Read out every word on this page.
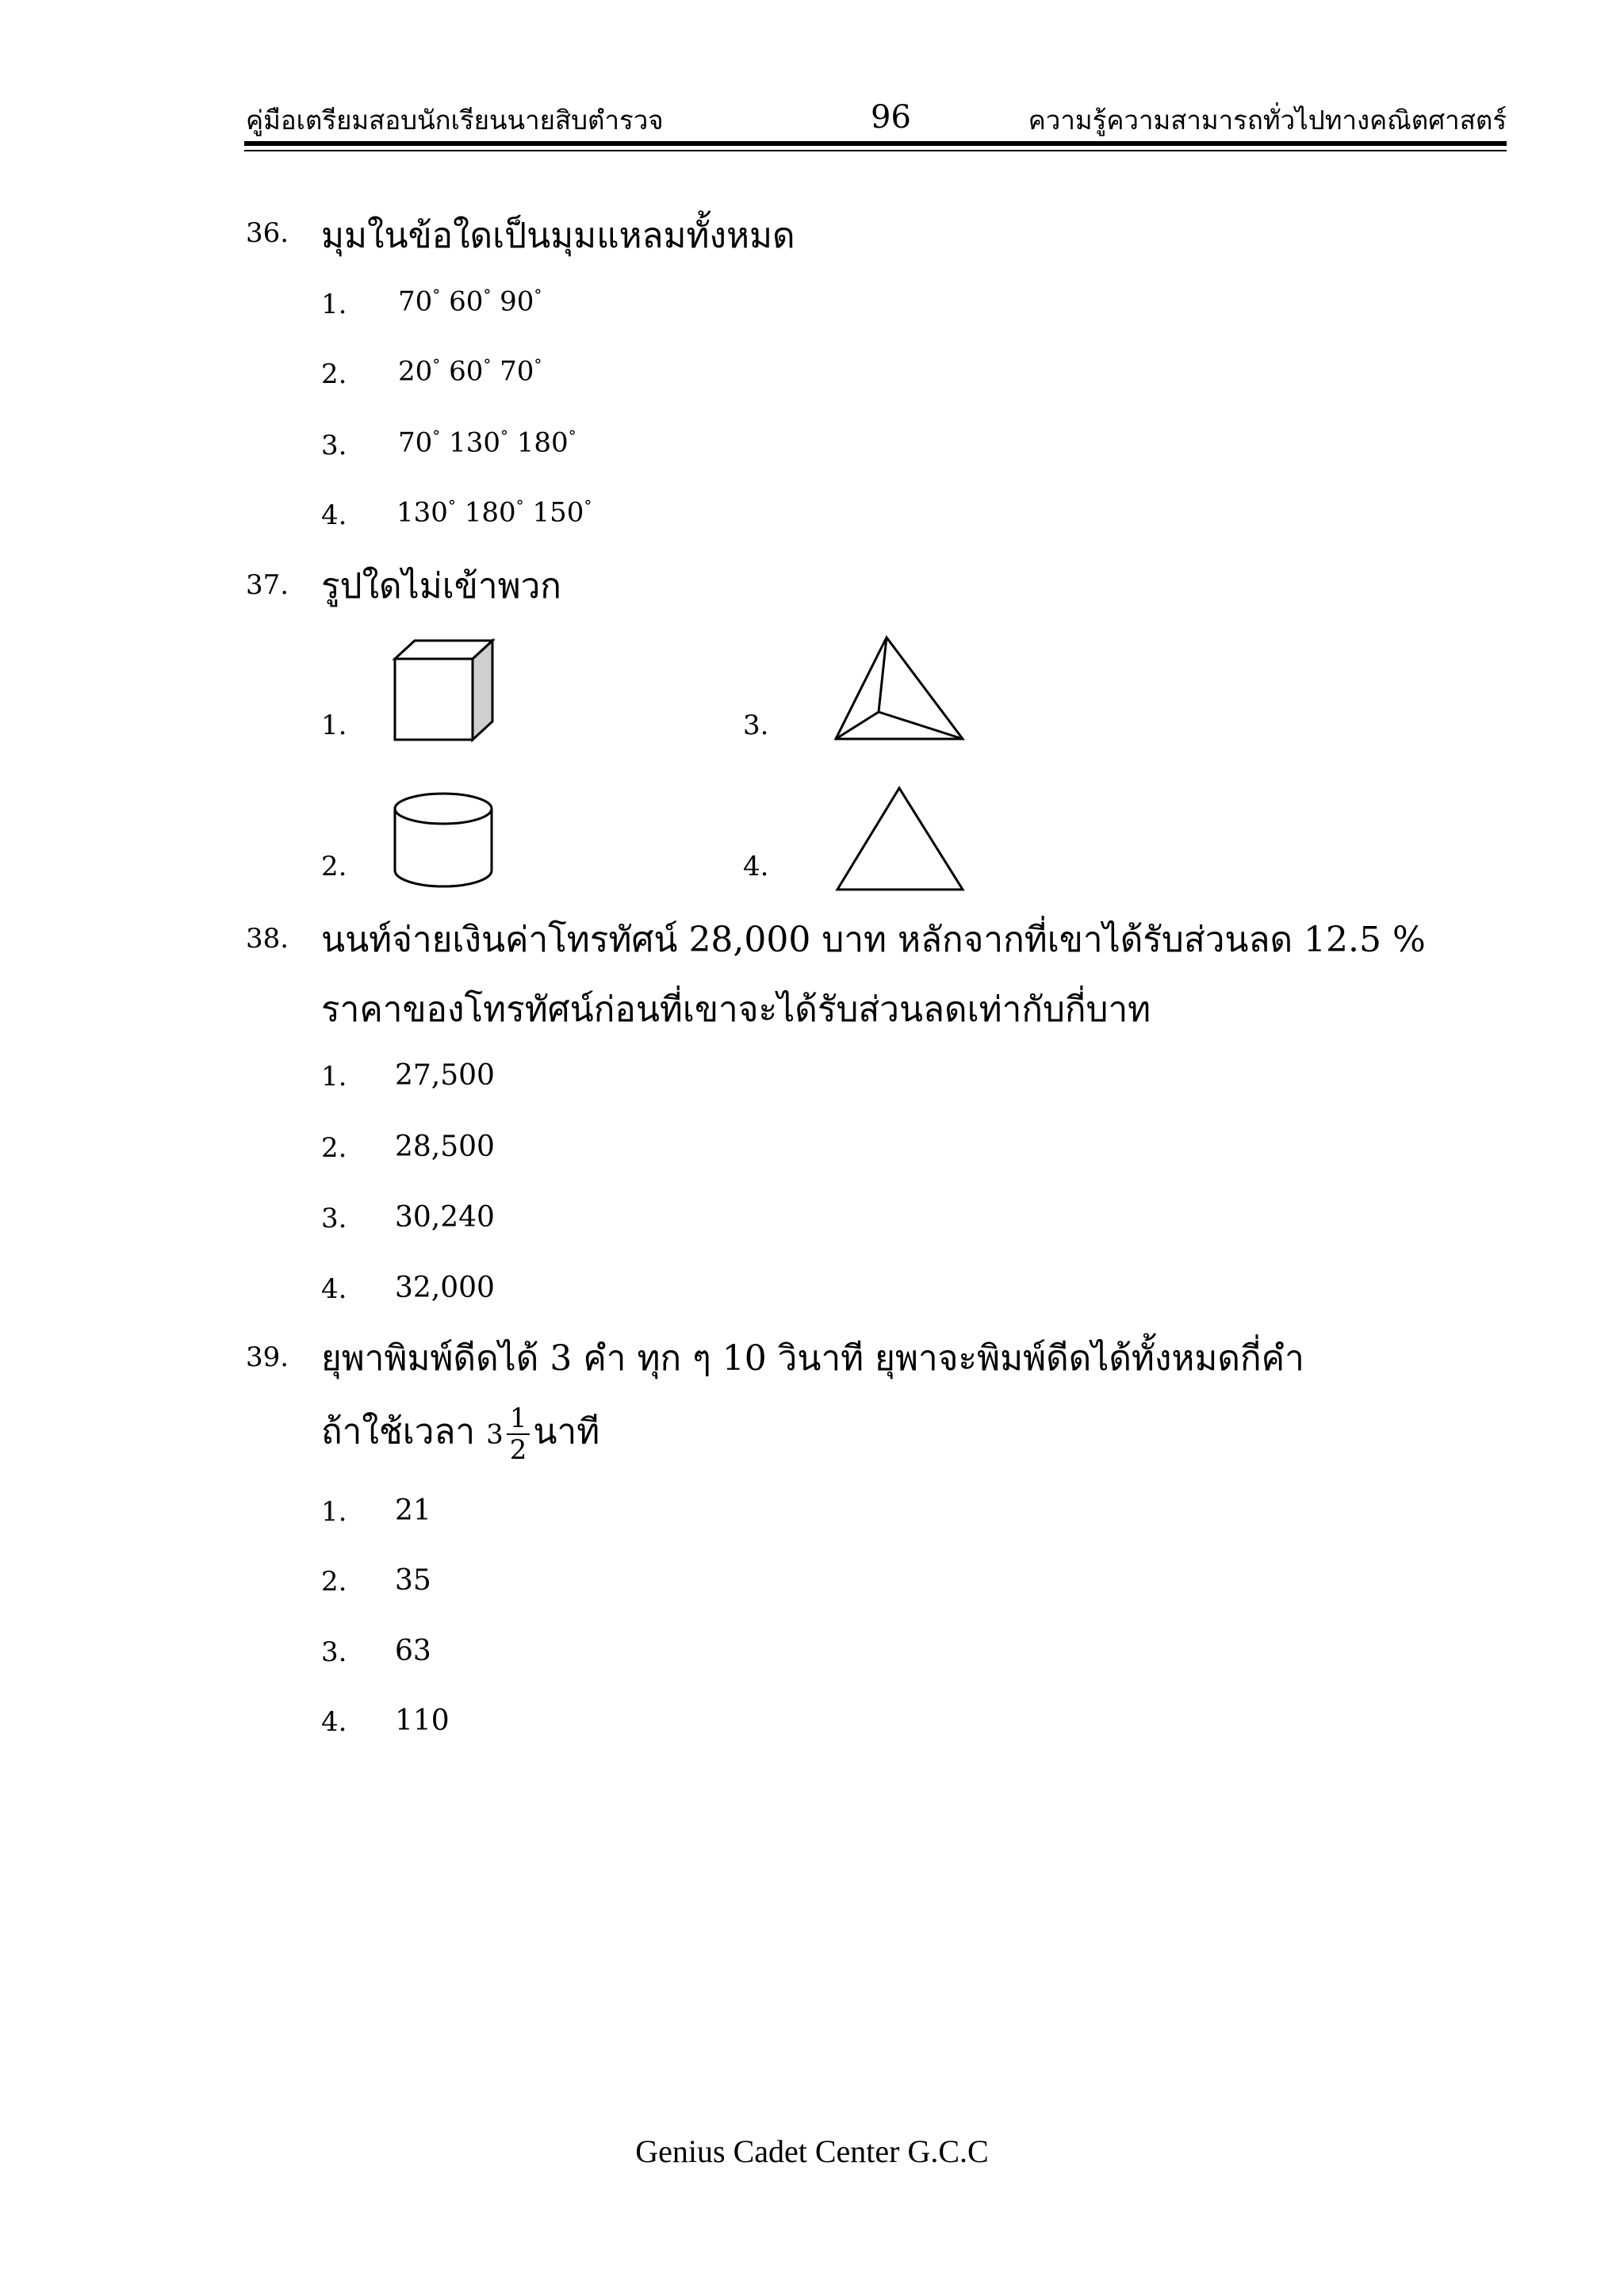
คู่มือเตรียมสอบนักเรียนนายสิบตำรวจ	96	ความรู้ความสามารถทั่วไปทางคณิตศาสตร์
36. มุมในข้อใดเป็นมุมแหลมทั้งหมด
1. 70° 60° 90°
2. 20° 60° 70°
3. 70° 130° 180°
4. 130° 180° 150°
37. รูปใดไม่เข้าพวก
1.
2.
3.
4.
38. นนท์จ่ายเงินค่าโทรทัศน์ 28,000 บาท หลักจากที่เขาได้รับส่วนลด 12.5 %
ราคาของโทรทัศน์ก่อนที่เขาจะได้รับส่วนลดเท่ากับกี่บาท
1. 27,500
2. 28,500
3. 30,240
4. 32,000
39. ยุพาพิมพ์ดีดได้ 3 คำ ทุก ๆ 10 วินาที ยุพาจะพิมพ์ดีดได้ทั้งหมดกี่คำ
ถ้าใช้เวลา $3 \frac{1}{2}$ นาที
1. 21
2. 35
3. 63
4. 110
Genius Cadet Center G.C.C
